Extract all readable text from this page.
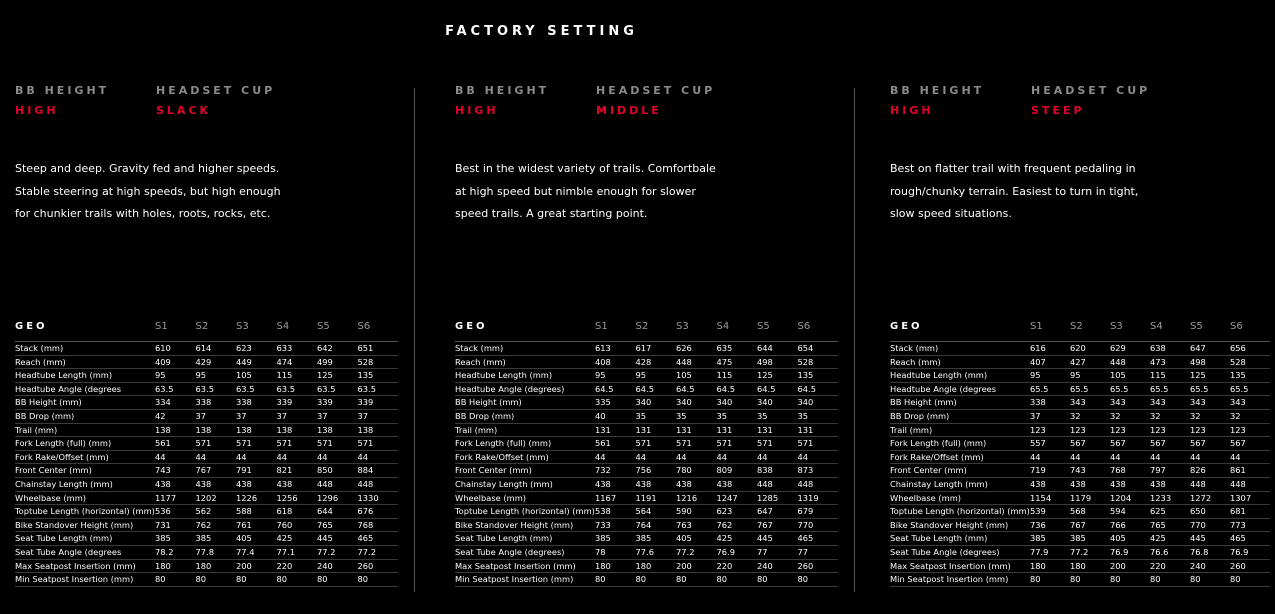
FACTORY SETTING
BB HEIGHT	HEADSET CUP
HIGH	SLACK
Steep and deep. Gravity fed and higher speeds.
Stable steering at high speeds, but high enough
for chunkier trails with holes, roots, rocks, etc.
GEO	S1	S2	S3	S4	S5	S6
Stack (mm)	610	614	623	633	642	651
Reach (mm)	409	429	449	474	499	528
Headtube Length (mm)	95	95	105	115	125	135
Headtube Angle (degrees	63.5	63.5	63.5	63.5	63.5	63.5
BB Height (mm)	334	338	338	339	339	339
BB Drop (mm)	42	37	37	37	37	37
Trail (mm)	138	138	138	138	138	138
Fork Length (full) (mm)	561	571	571	571	571	571
Fork Rake/Offset (mm)	44	44	44	44	44	44
Front Center (mm)	743	767	791	821	850	884
Chainstay Length (mm)	438	438	438	438	448	448
Wheelbase (mm)	1177	1202	1226	1256	1296	1330
Toptube Length (horizontal) (mm)	536	562	588	618	644	676
Bike Standover Height (mm)	731	762	761	760	765	768
Seat Tube Length (mm)	385	385	405	425	445	465
Seat Tube Angle (degrees	78.2	77.8	77.4	77.1	77.2	77.2
Max Seatpost Insertion (mm)	180	180	200	220	240	260
Min Seatpost Insertion (mm)	80	80	80	80	80	80
BB HEIGHT	HEADSET CUP
HIGH	MIDDLE
Best in the widest variety of trails. Comfortbale
at high speed but nimble enough for slower
speed trails. A great starting point.
GEO	S1	S2	S3	S4	S5	S6
Stack (mm)	613	617	626	635	644	654
Reach (mm)	408	428	448	475	498	528
Headtube Length (mm)	95	95	105	115	125	135
Headtube Angle (degrees)	64.5	64.5	64.5	64.5	64.5	64.5
BB Height (mm)	335	340	340	340	340	340
BB Drop (mm)	40	35	35	35	35	35
Trail (mm)	131	131	131	131	131	131
Fork Length (full) (mm)	561	571	571	571	571	571
Fork Rake/Offset (mm)	44	44	44	44	44	44
Front Center (mm)	732	756	780	809	838	873
Chainstay Length (mm)	438	438	438	438	448	448
Wheelbase (mm)	1167	1191	1216	1247	1285	1319
Toptube Length (horizontal) (mm)	538	564	590	623	647	679
Bike Standover Height (mm)	733	764	763	762	767	770
Seat Tube Length (mm)	385	385	405	425	445	465
Seat Tube Angle (degrees)	78	77.6	77.2	76.9	77	77
Max Seatpost Insertion (mm)	180	180	200	220	240	260
Min Seatpost Insertion (mm)	80	80	80	80	80	80
BB HEIGHT	HEADSET CUP
HIGH	STEEP
Best on flatter trail with frequent pedaling in
rough/chunky terrain. Easiest to turn in tight,
slow speed situations.
GEO	S1	S2	S3	S4	S5	S6
Stack (mm)	616	620	629	638	647	656
Reach (mm)	407	427	448	473	498	528
Headtube Length (mm)	95	95	105	115	125	135
Headtube Angle (degrees	65.5	65.5	65.5	65.5	65.5	65.5
BB Height (mm)	338	343	343	343	343	343
BB Drop (mm)	37	32	32	32	32	32
Trail (mm)	123	123	123	123	123	123
Fork Length (full) (mm)	557	567	567	567	567	567
Fork Rake/Offset (mm)	44	44	44	44	44	44
Front Center (mm)	719	743	768	797	826	861
Chainstay Length (mm)	438	438	438	438	448	448
Wheelbase (mm)	1154	1179	1204	1233	1272	1307
Toptube Length (horizontal) (mm)	539	568	594	625	650	681
Bike Standover Height (mm)	736	767	766	765	770	773
Seat Tube Length (mm)	385	385	405	425	445	465
Seat Tube Angle (degrees)	77.9	77.2	76.9	76.6	76.8	76.9
Max Seatpost Insertion (mm)	180	180	200	220	240	260
Min Seatpost Insertion (mm)	80	80	80	80	80	80
